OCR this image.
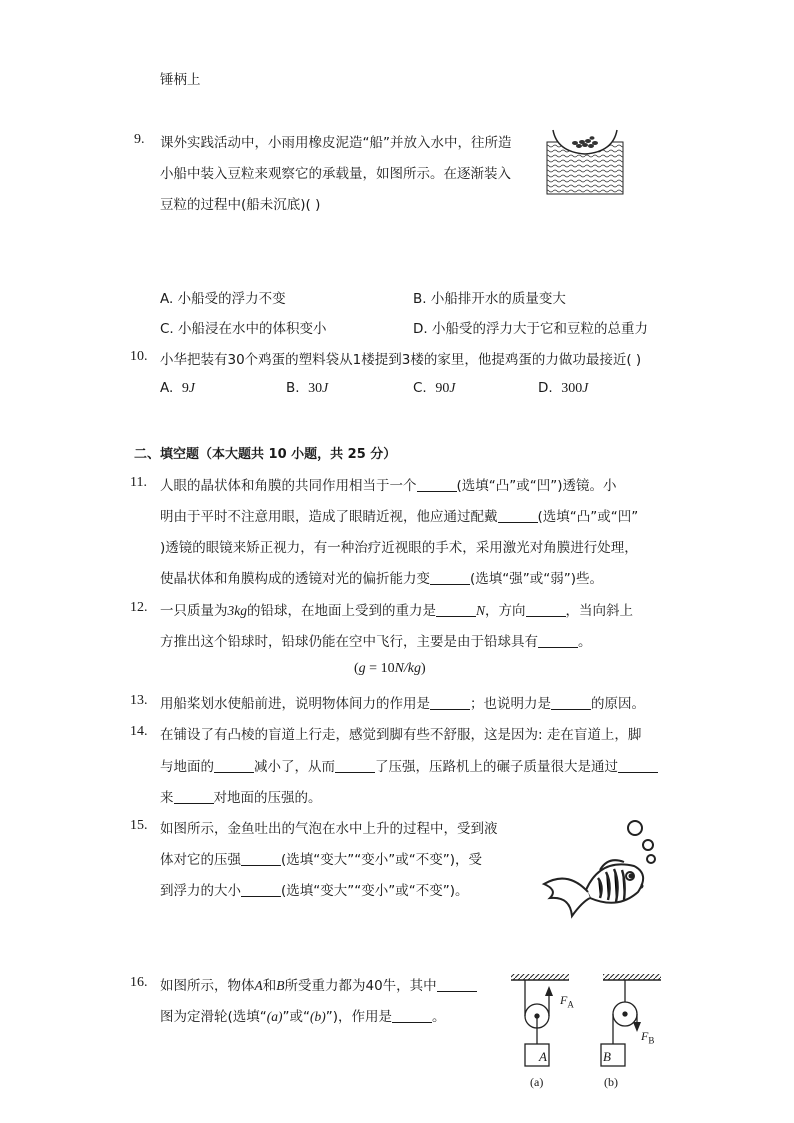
锤柄上
9. 课外实践活动中，小雨用橡皮泥造“船”并放入水中，往所造
小船中装入豆粒来观察它的承载量，如图所示。在逐渐装入
豆粒的过程中(船未沉底)( )
A. 小船受的浮力不变	B. 小船排开水的质量变大
C. 小船浸在水中的体积变小	D. 小船受的浮力大于它和豆粒的总重力
10. 小华把装有30个鸡蛋的塑料袋从1楼提到3楼的家里，他提鸡蛋的力做功最接近( )
A. 9J	B. 30J	C. 90J	D. 300J
二、填空题（本大题共 10 小题，共 25 分）
11. 人眼的晶状体和角膜的共同作用相当于一个	(选填“凸”或“凹”)透镜。小
明由于平时不注意用眼，造成了眼睛近视，他应通过配戴	(选填“凸”或“凹”
)透镜的眼镜来矫正视力，有一种治疗近视眼的手术，采用激光对角膜进行处理，
使晶状体和角膜构成的透镜对光的偏折能力变	(选填“强”或“弱”)些。
12. 一只质量为3kg的铅球，在地面上受到的重力是	N，方向	，当向斜上
方推出这个铅球时，铅球仍能在空中飞行，主要是由于铅球具有	。
(g = 10N/kg)
13. 用船桨划水使船前进，说明物体间力的作用是	；也说明力是	的原因。
14. 在铺设了有凸棱的盲道上行走，感觉到脚有些不舒服，这是因为: 走在盲道上，脚
与地面的	减小了，从而	了压强，压路机上的碾子质量很大是通过
来	对地面的压强的。
15. 如图所示，金鱼吐出的气泡在水中上升的过程中，受到液
体对它的压强	(选填“变大”“变小”或“不变”)，受
到浮力的大小	(选填“变大”“变小”或“不变”)。
16. 如图所示，物体A和B所受重力都为40牛，其中
图为定滑轮(选填“(a)”或“(b)”)，作用是	。
$F_A$
$F_B$
A	B
(a)	(b)
